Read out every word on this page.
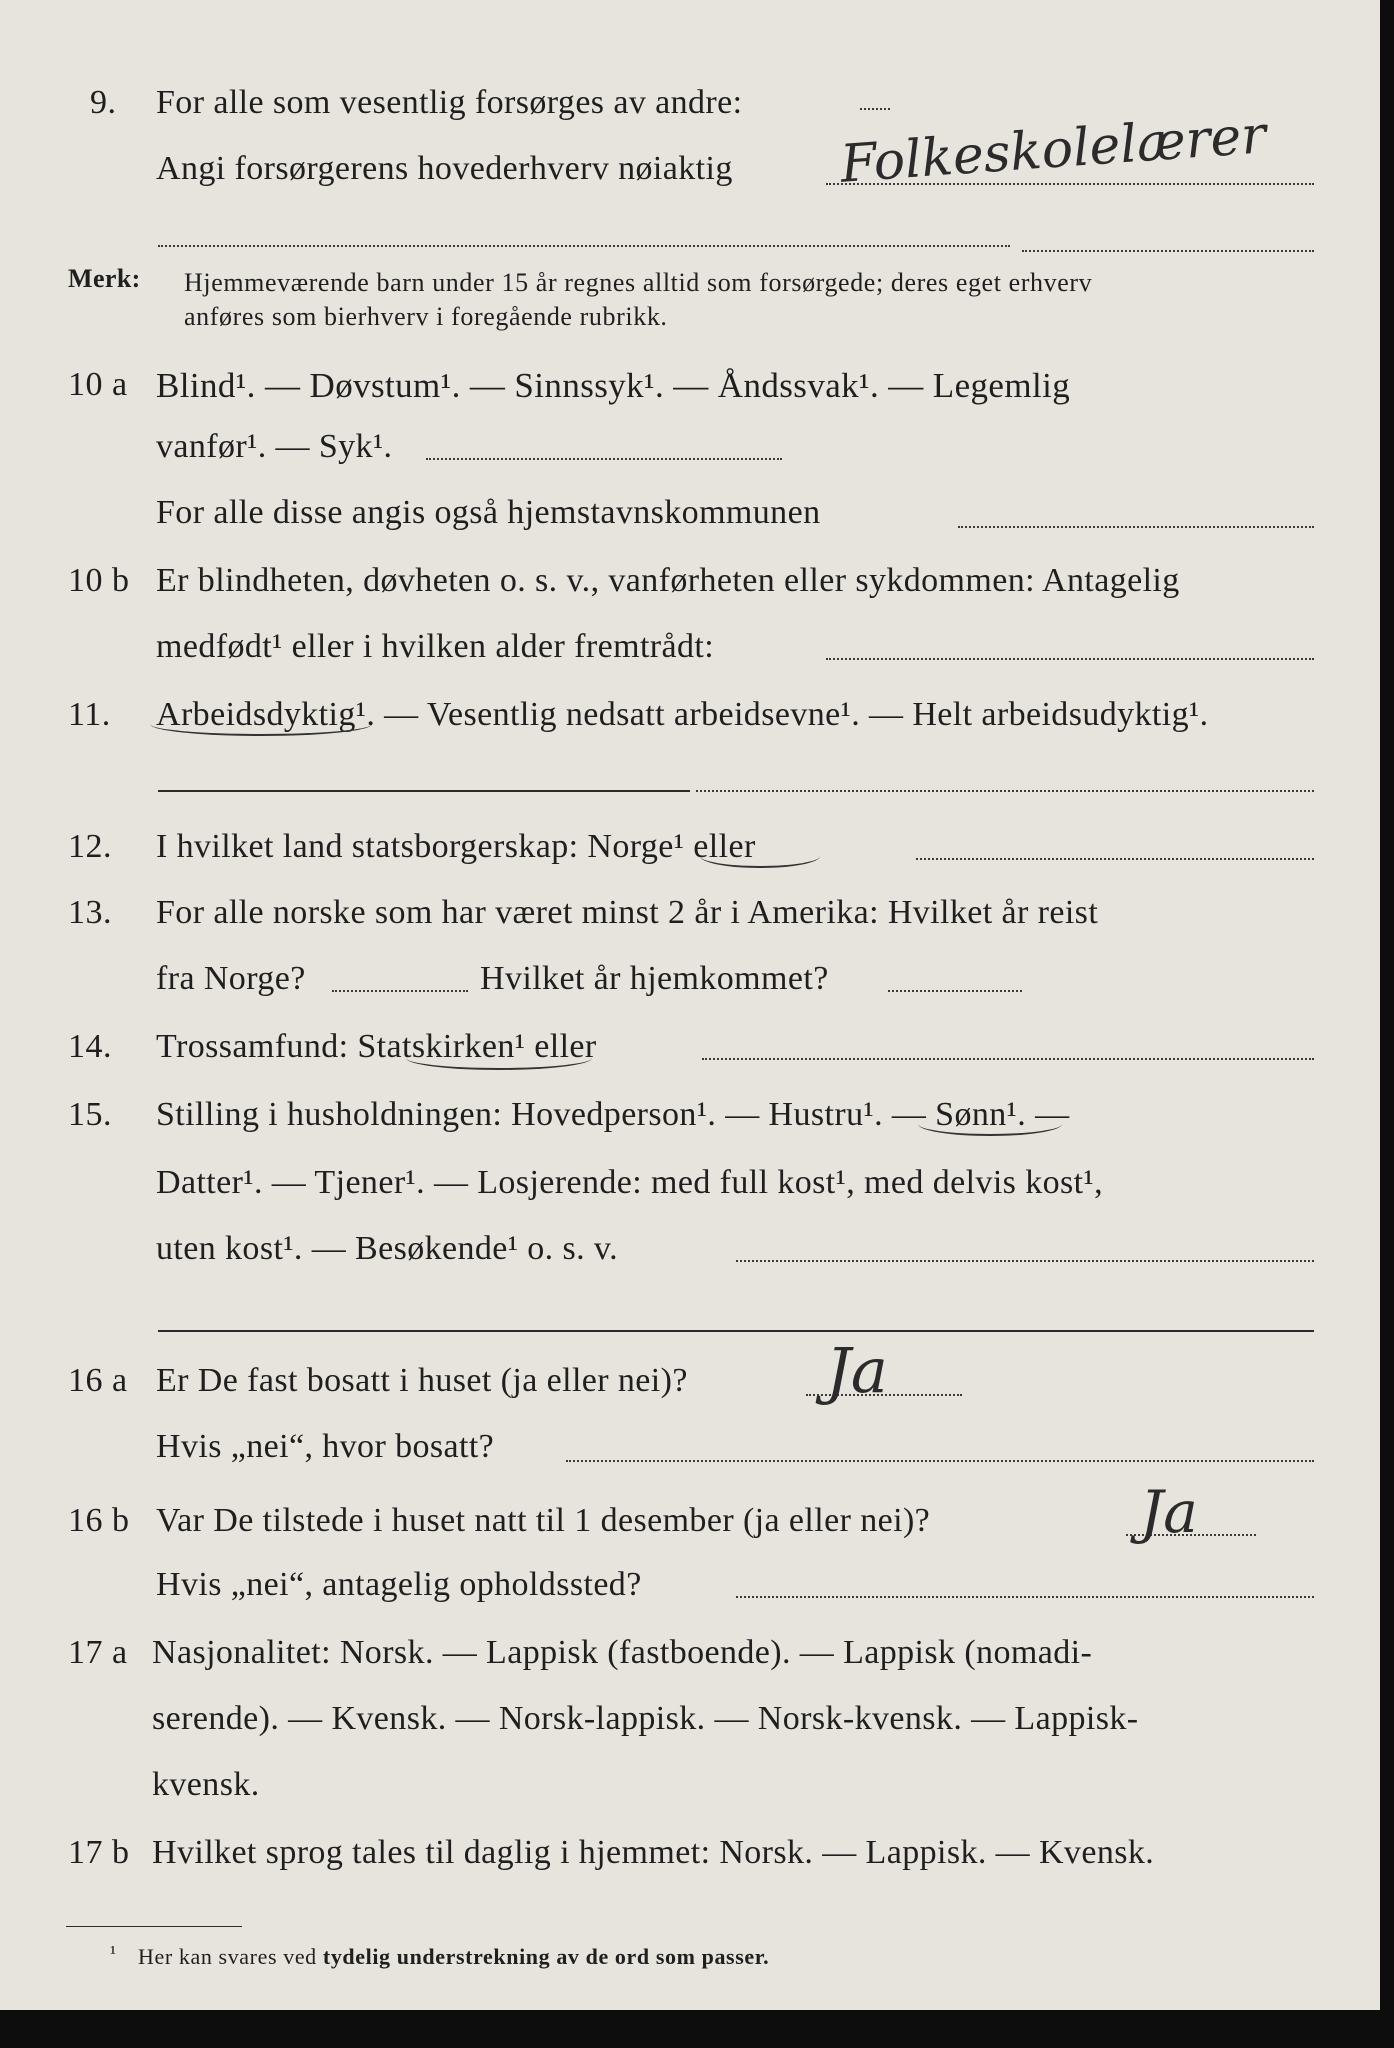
9. For alle som vesentlig forsørges av andre:
Angi forsørgerens hovederhverv nøiaktig Folkeskolelærer
Merk: Hjemmeværende barn under 15 år regnes alltid som forsørgede; deres eget erhverv
anføres som bierhverv i foregående rubrikk.
10 a Blind¹. — Døvstum¹. — Sinnssyk¹. — Åndssvak¹. — Legemlig
vanfør¹. — Syk¹.
For alle disse angis også hjemstavnskommunen
10 b Er blindheten, døvheten o. s. v., vanførheten eller sykdommen: Antagelig
medfødt¹ eller i hvilken alder fremtrådt:
11. Arbeidsdyktig¹. — Vesentlig nedsatt arbeidsevne¹. — Helt arbeidsudyktig¹.
12. I hvilket land statsborgerskap: Norge¹ eller
13. For alle norske som har været minst 2 år i Amerika: Hvilket år reist
fra Norge?	Hvilket år hjemkommet?
14. Trossamfund: Statskirken¹ eller
15. Stilling i husholdningen: Hovedperson¹. — Hustru¹. — Sønn¹. —
Datter¹. — Tjener¹. — Losjerende: med full kost¹, med delvis kost¹,
uten kost¹. — Besøkende¹ o. s. v.
16 a Er De fast bosatt i huset (ja eller nei)? Ja
Hvis „nei“, hvor bosatt?
16 b Var De tilstede i huset natt til 1 desember (ja eller nei)?	Ja
Hvis „nei“, antagelig opholdssted?
17 a Nasjonalitet: Norsk. — Lappisk (fastboende). — Lappisk (nomadi-
serende). — Kvensk. — Norsk-lappisk. — Norsk-kvensk. — Lappisk-
kvensk.
17 b Hvilket sprog tales til daglig i hjemmet: Norsk. — Lappisk. — Kvensk.
¹ Her kan svares ved tydelig understrekning av de ord som passer.
